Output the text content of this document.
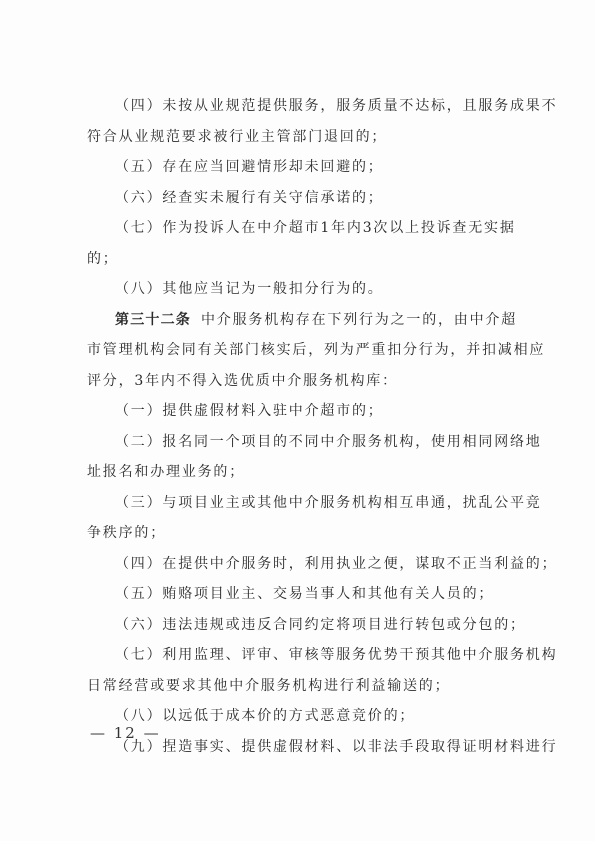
（四）未按从业规范提供服务，服务质量不达标，且服务成果不
符合从业规范要求被行业主管部门退回的；
（五）存在应当回避情形却未回避的；
（六）经查实未履行有关守信承诺的；
（七）作为投诉人在中介超市1年内3次以上投诉查无实据
的；
（八）其他应当记为一般扣分行为的。
第三十二条 中介服务机构存在下列行为之一的，由中介超
市管理机构会同有关部门核实后，列为严重扣分行为，并扣减相应
评分，3年内不得入选优质中介服务机构库：
（一）提供虚假材料入驻中介超市的；
（二）报名同一个项目的不同中介服务机构，使用相同网络地
址报名和办理业务的；
（三）与项目业主或其他中介服务机构相互串通，扰乱公平竞
争秩序的；
（四）在提供中介服务时，利用执业之便，谋取不正当利益的；
（五）贿赂项目业主、交易当事人和其他有关人员的；
（六）违法违规或违反合同约定将项目进行转包或分包的；
（七）利用监理、评审、审核等服务优势干预其他中介服务机构
日常经营或要求其他中介服务机构进行利益输送的；
（八）以远低于成本价的方式恶意竞价的；
（九）捏造事实、提供虚假材料、以非法手段取得证明材料进行
— 12 —
